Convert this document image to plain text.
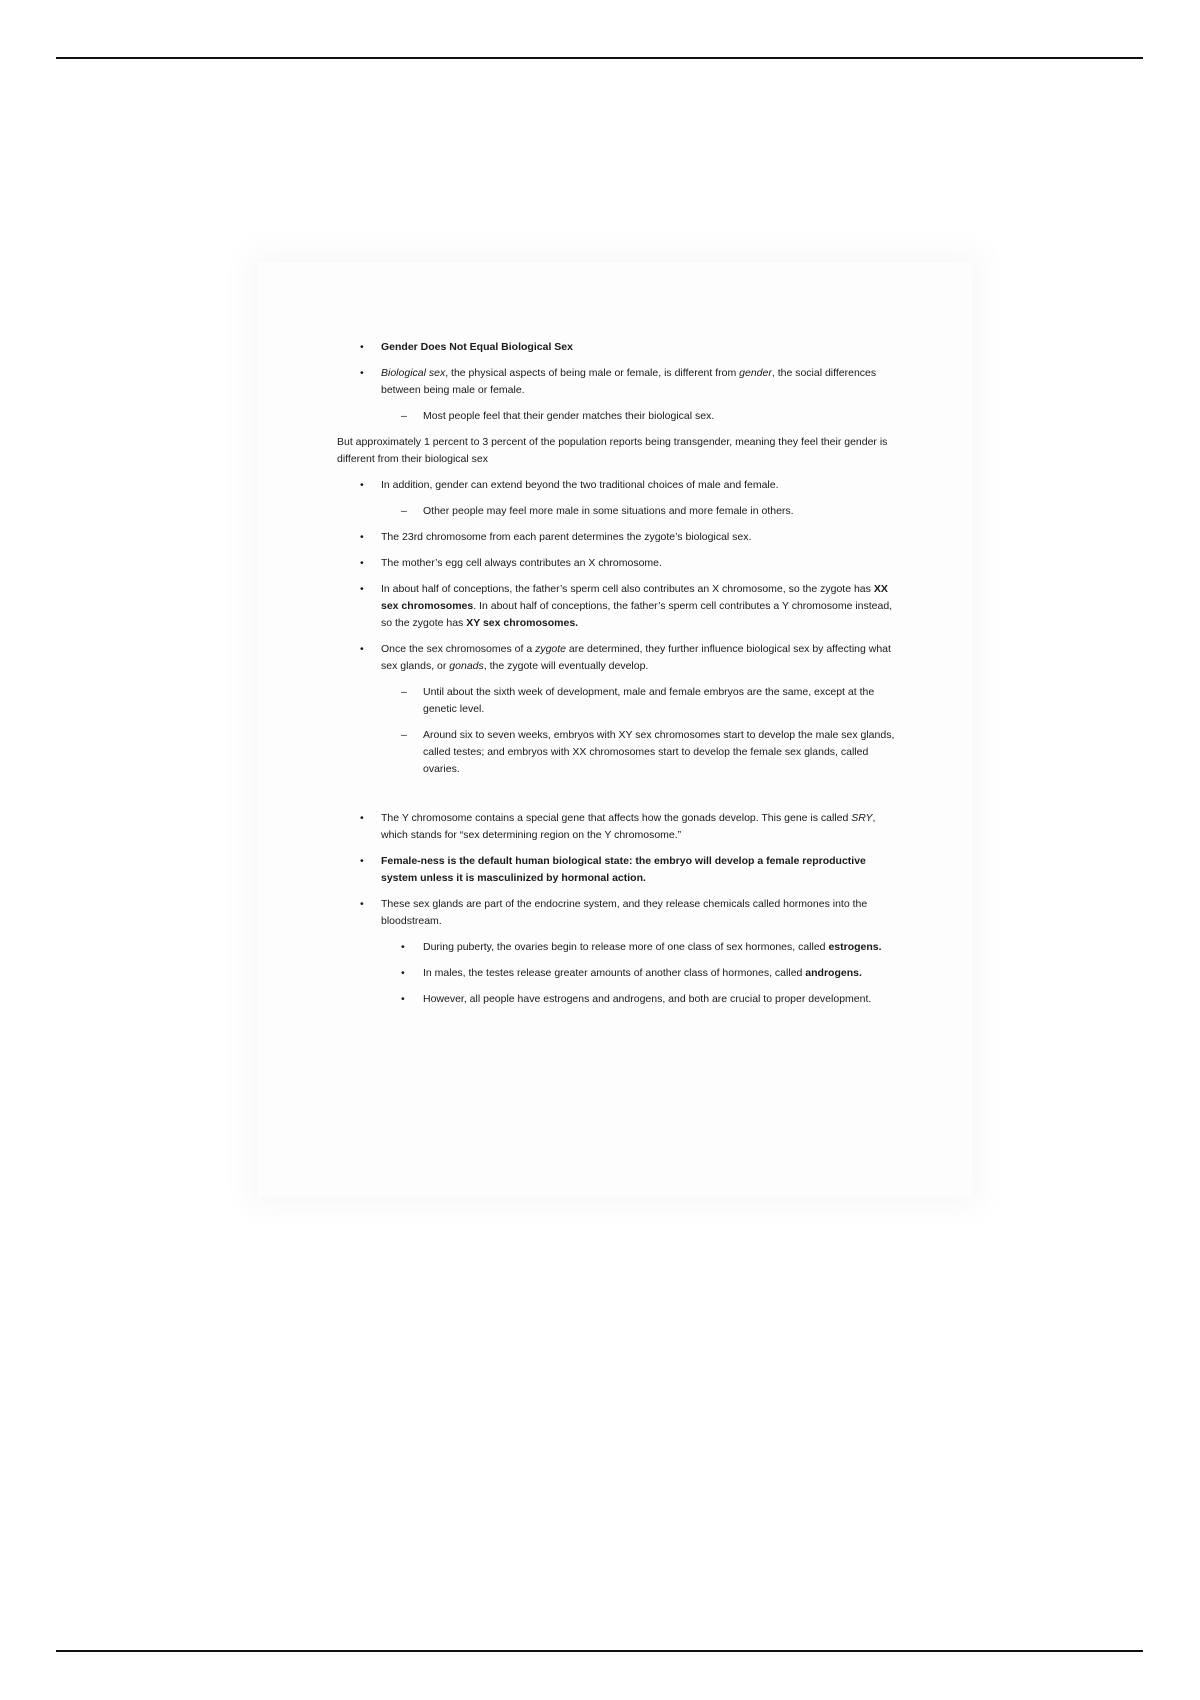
• Gender Does Not Equal Biological Sex
• Biological sex, the physical aspects of being male or female, is different from gender, the social differences between being male or female.
– Most people feel that their gender matches their biological sex.
But approximately 1 percent to 3 percent of the population reports being transgender, meaning they feel their gender is different from their biological sex
• In addition, gender can extend beyond the two traditional choices of male and female.
– Other people may feel more male in some situations and more female in others.
• The 23rd chromosome from each parent determines the zygote’s biological sex.
• The mother’s egg cell always contributes an X chromosome.
• In about half of conceptions, the father’s sperm cell also contributes an X chromosome, so the zygote has XX sex chromosomes. In about half of conceptions, the father’s sperm cell contributes a Y chromosome instead, so the zygote has XY sex chromosomes.
• Once the sex chromosomes of a zygote are determined, they further influence biological sex by affecting what sex glands, or gonads, the zygote will eventually develop.
– Until about the sixth week of development, male and female embryos are the same, except at the genetic level.
– Around six to seven weeks, embryos with XY sex chromosomes start to develop the male sex glands, called testes; and embryos with XX chromosomes start to develop the female sex glands, called ovaries.
• The Y chromosome contains a special gene that affects how the gonads develop. This gene is called SRY, which stands for “sex determining region on the Y chromosome.”
• Female-ness is the default human biological state: the embryo will develop a female reproductive system unless it is masculinized by hormonal action.
• These sex glands are part of the endocrine system, and they release chemicals called hormones into the bloodstream.
• During puberty, the ovaries begin to release more of one class of sex hormones, called estrogens.
• In males, the testes release greater amounts of another class of hormones, called androgens.
• However, all people have estrogens and androgens, and both are crucial to proper development.
